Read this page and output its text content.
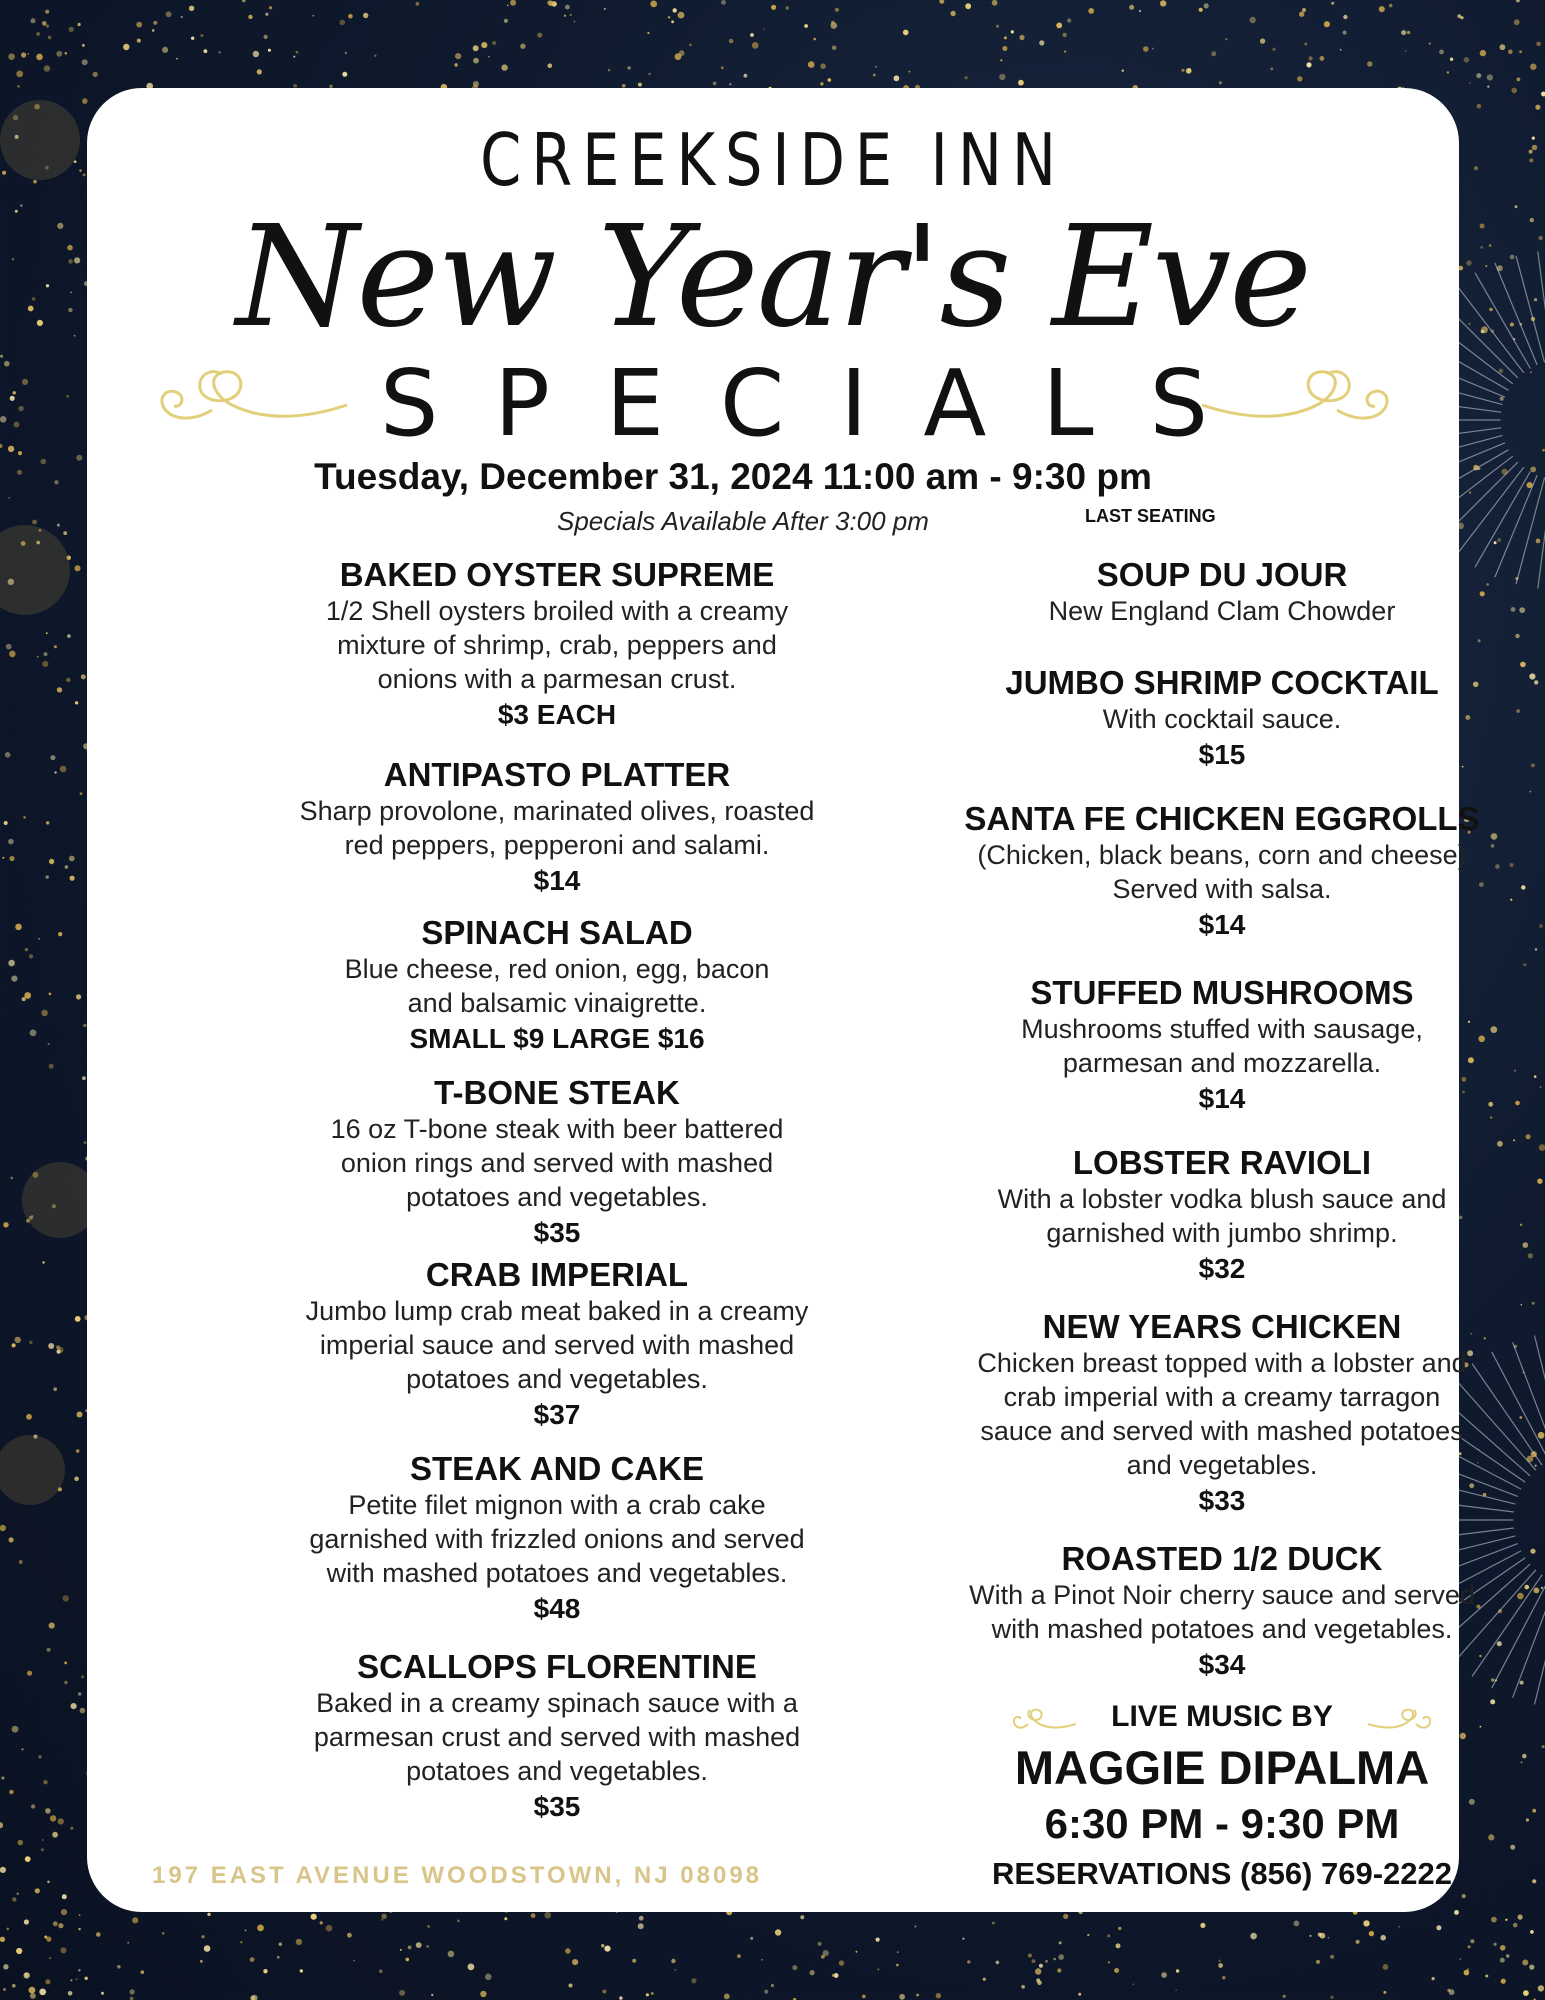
CREEKSIDE INN
New Year's Eve
SPECIALS
Tuesday, December 31, 2024 11:00 am - 9:30 pm
Specials Available After 3:00 pm	LAST SEATING
BAKED OYSTER SUPREME
1/2 Shell oysters broiled with a creamy
mixture of shrimp, crab, peppers and
onions with a parmesan crust.
$3 EACH
ANTIPASTO PLATTER
Sharp provolone, marinated olives, roasted
red peppers, pepperoni and salami.
$14
SPINACH SALAD
Blue cheese, red onion, egg, bacon
and balsamic vinaigrette.
SMALL $9 LARGE $16
T-BONE STEAK
16 oz T-bone steak with beer battered
onion rings and served with mashed
potatoes and vegetables.
$35
CRAB IMPERIAL
Jumbo lump crab meat baked in a creamy
imperial sauce and served with mashed
potatoes and vegetables.
$37
STEAK AND CAKE
Petite filet mignon with a crab cake
garnished with frizzled onions and served
with mashed potatoes and vegetables.
$48
SCALLOPS FLORENTINE
Baked in a creamy spinach sauce with a
parmesan crust and served with mashed
potatoes and vegetables.
$35
SOUP DU JOUR
New England Clam Chowder
JUMBO SHRIMP COCKTAIL
With cocktail sauce.
$15
SANTA FE CHICKEN EGGROLLS
(Chicken, black beans, corn and cheese)
Served with salsa.
$14
STUFFED MUSHROOMS
Mushrooms stuffed with sausage,
parmesan and mozzarella.
$14
LOBSTER RAVIOLI
With a lobster vodka blush sauce and
garnished with jumbo shrimp.
$32
NEW YEARS CHICKEN
Chicken breast topped with a lobster and
crab imperial with a creamy tarragon
sauce and served with mashed potatoes
and vegetables.
$33
ROASTED 1/2 DUCK
With a Pinot Noir cherry sauce and served
with mashed potatoes and vegetables.
$34
LIVE MUSIC BY
MAGGIE DIPALMA
6:30 PM - 9:30 PM
RESERVATIONS (856) 769-2222
197 EAST AVENUE WOODSTOWN, NJ 08098
